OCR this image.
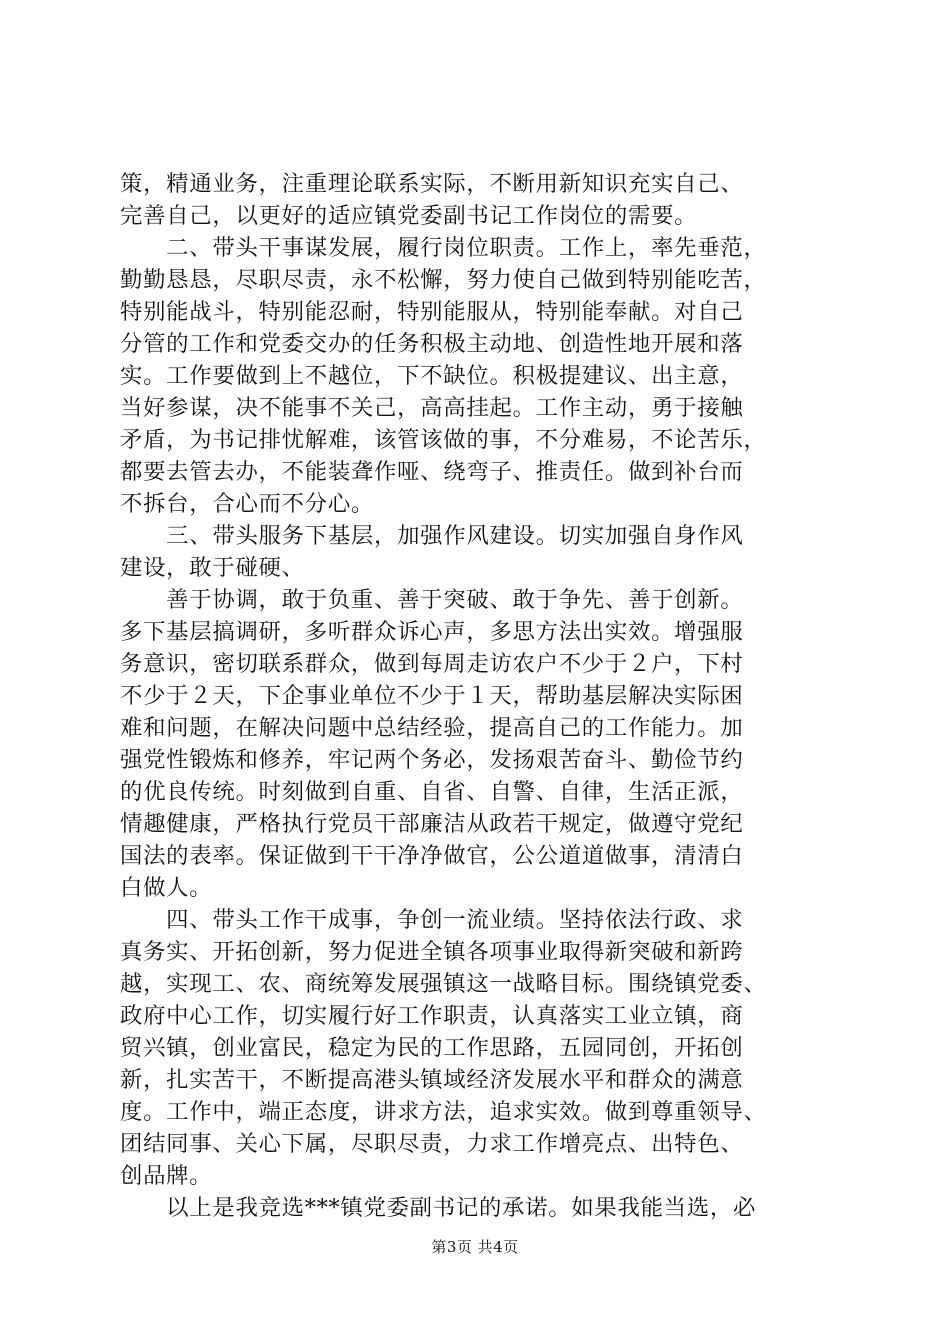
策，精通业务，注重理论联系实际，不断用新知识充实自己、
完善自己，以更好的适应镇党委副书记工作岗位的需要。
　　二、带头干事谋发展，履行岗位职责。工作上，率先垂范，
勤勤恳恳，尽职尽责，永不松懈，努力使自己做到特别能吃苦，
特别能战斗，特别能忍耐，特别能服从，特别能奉献。对自己
分管的工作和党委交办的任务积极主动地、创造性地开展和落
实。工作要做到上不越位，下不缺位。积极提建议、出主意，
当好参谋，决不能事不关己，高高挂起。工作主动，勇于接触
矛盾，为书记排忧解难，该管该做的事，不分难易，不论苦乐，
都要去管去办，不能装聋作哑、绕弯子、推责任。做到补台而
不拆台，合心而不分心。
　　三、带头服务下基层，加强作风建设。切实加强自身作风
建设，敢于碰硬、
　　善于协调，敢于负重、善于突破、敢于争先、善于创新。
多下基层搞调研，多听群众诉心声，多思方法出实效。增强服
务意识，密切联系群众，做到每周走访农户不少于２户，下村
不少于２天，下企事业单位不少于１天，帮助基层解决实际困
难和问题，在解决问题中总结经验，提高自己的工作能力。加
强党性锻炼和修养，牢记两个务必，发扬艰苦奋斗、勤俭节约
的优良传统。时刻做到自重、自省、自警、自律，生活正派，
情趣健康，严格执行党员干部廉洁从政若干规定，做遵守党纪
国法的表率。保证做到干干净净做官，公公道道做事，清清白
白做人。
　　四、带头工作干成事，争创一流业绩。坚持依法行政、求
真务实、开拓创新，努力促进全镇各项事业取得新突破和新跨
越，实现工、农、商统筹发展强镇这一战略目标。围绕镇党委、
政府中心工作，切实履行好工作职责，认真落实工业立镇，商
贸兴镇，创业富民，稳定为民的工作思路，五园同创，开拓创
新，扎实苦干，不断提高港头镇域经济发展水平和群众的满意
度。工作中，端正态度，讲求方法，追求实效。做到尊重领导、
团结同事、关心下属，尽职尽责，力求工作增亮点、出特色、
创品牌。
　　以上是我竞选***镇党委副书记的承诺。如果我能当选，必
第3页 共4页
